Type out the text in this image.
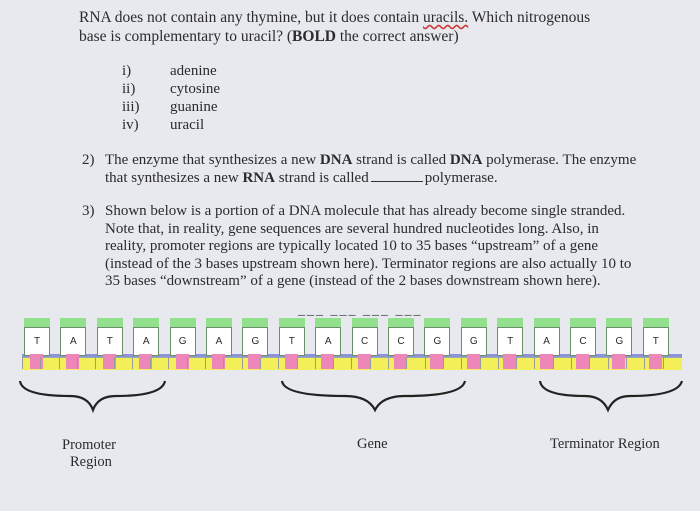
RNA does not contain any thymine, but it does contain uracils. Which nitrogenous
base is complementary to uracil? (BOLD the correct answer)
i)	adenine
ii)	cytosine
iii)	guanine
iv)	uracil
2) The enzyme that synthesizes a new DNA strand is called DNA polymerase. The enzyme that synthesizes a new RNA strand is called	polymerase.
3) Shown below is a portion of a DNA molecule that has already become single stranded. Note that, in reality, gene sequences are several hundred nucleotides long. Also, in reality, promoter regions are typically located 10 to 35 bases “upstream” of a gene (instead of the 3 bases upstream shown here). Terminator regions are also actually 10 to 35 bases “downstream” of a gene (instead of the 2 bases downstream shown here).
___ ___ ___ ___
T	A	T	A	G	A	G	T	A	C	C	G	G	T	A	C	G	T
Promoter
Region
Gene	Terminator Region
